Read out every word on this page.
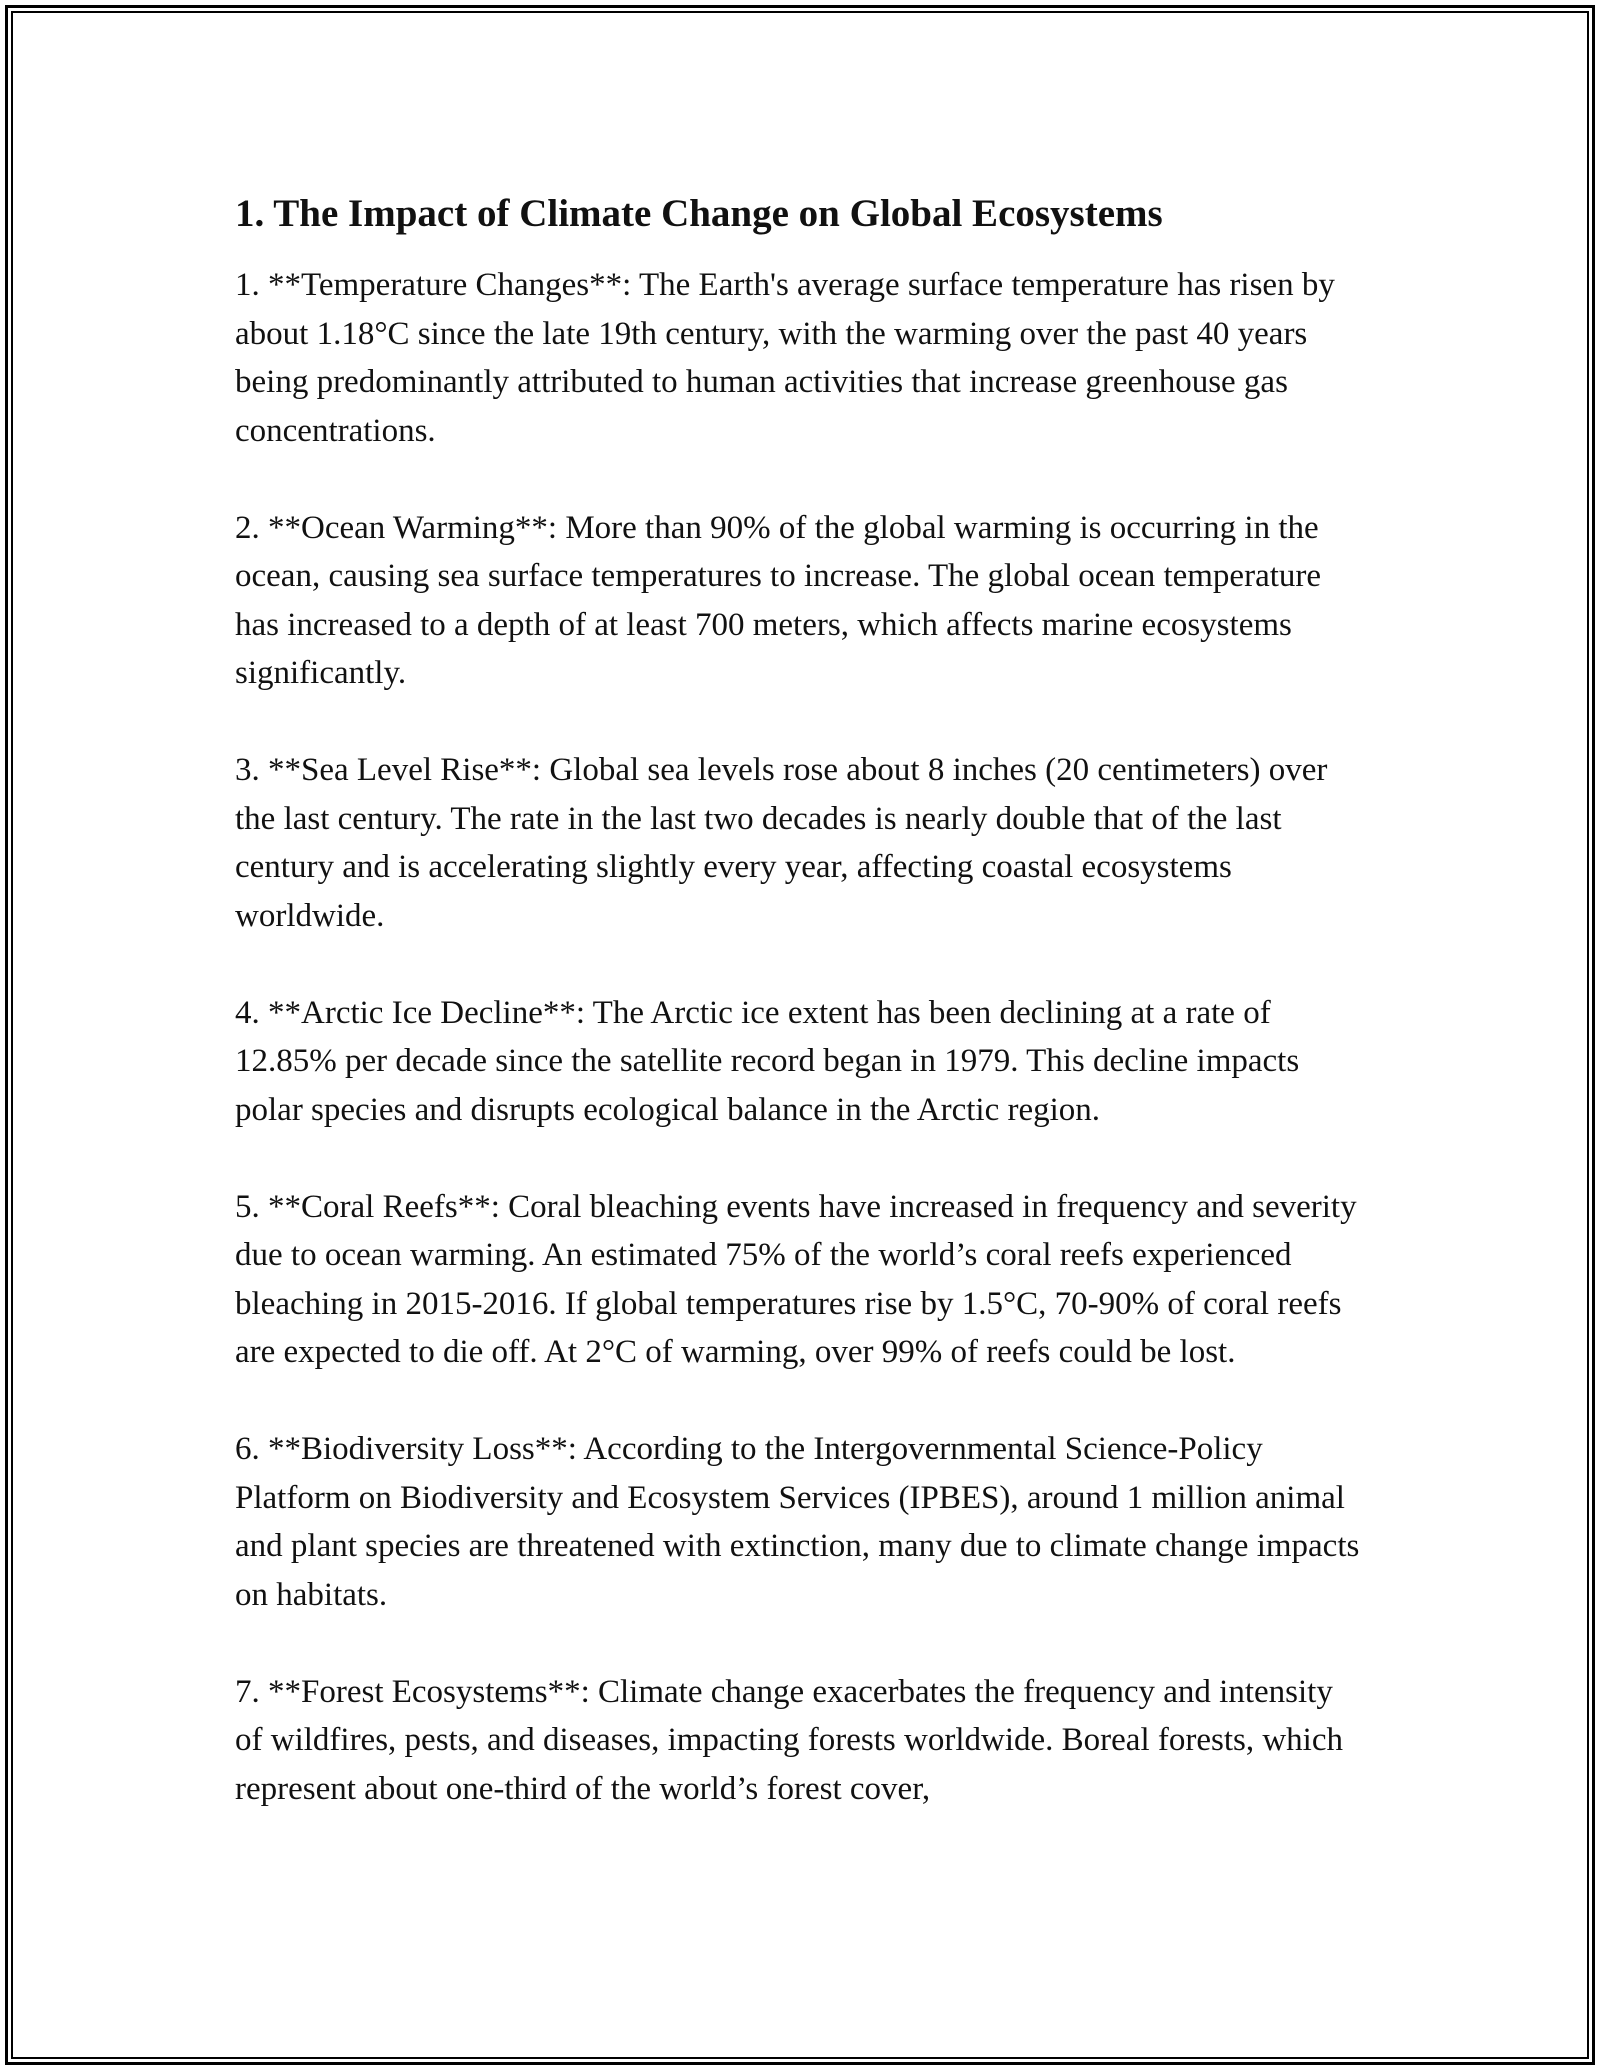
1. The Impact of Climate Change on Global Ecosystems

1. **Temperature Changes**: The Earth's average surface temperature has risen by about 1.18°C since the late 19th century, with the warming over the past 40 years being predominantly attributed to human activities that increase greenhouse gas concentrations.

2. **Ocean Warming**: More than 90% of the global warming is occurring in the ocean, causing sea surface temperatures to increase. The global ocean temperature has increased to a depth of at least 700 meters, which affects marine ecosystems significantly.

3. **Sea Level Rise**: Global sea levels rose about 8 inches (20 centimeters) over the last century. The rate in the last two decades is nearly double that of the last century and is accelerating slightly every year, affecting coastal ecosystems worldwide.

4. **Arctic Ice Decline**: The Arctic ice extent has been declining at a rate of 12.85% per decade since the satellite record began in 1979. This decline impacts polar species and disrupts ecological balance in the Arctic region.

5. **Coral Reefs**: Coral bleaching events have increased in frequency and severity due to ocean warming. An estimated 75% of the world’s coral reefs experienced bleaching in 2015-2016. If global temperatures rise by 1.5°C, 70-90% of coral reefs are expected to die off. At 2°C of warming, over 99% of reefs could be lost.

6. **Biodiversity Loss**: According to the Intergovernmental Science-Policy Platform on Biodiversity and Ecosystem Services (IPBES), around 1 million animal and plant species are threatened with extinction, many due to climate change impacts on habitats.

7. **Forest Ecosystems**: Climate change exacerbates the frequency and intensity of wildfires, pests, and diseases, impacting forests worldwide. Boreal forests, which represent about one-third of the world’s forest cover,
